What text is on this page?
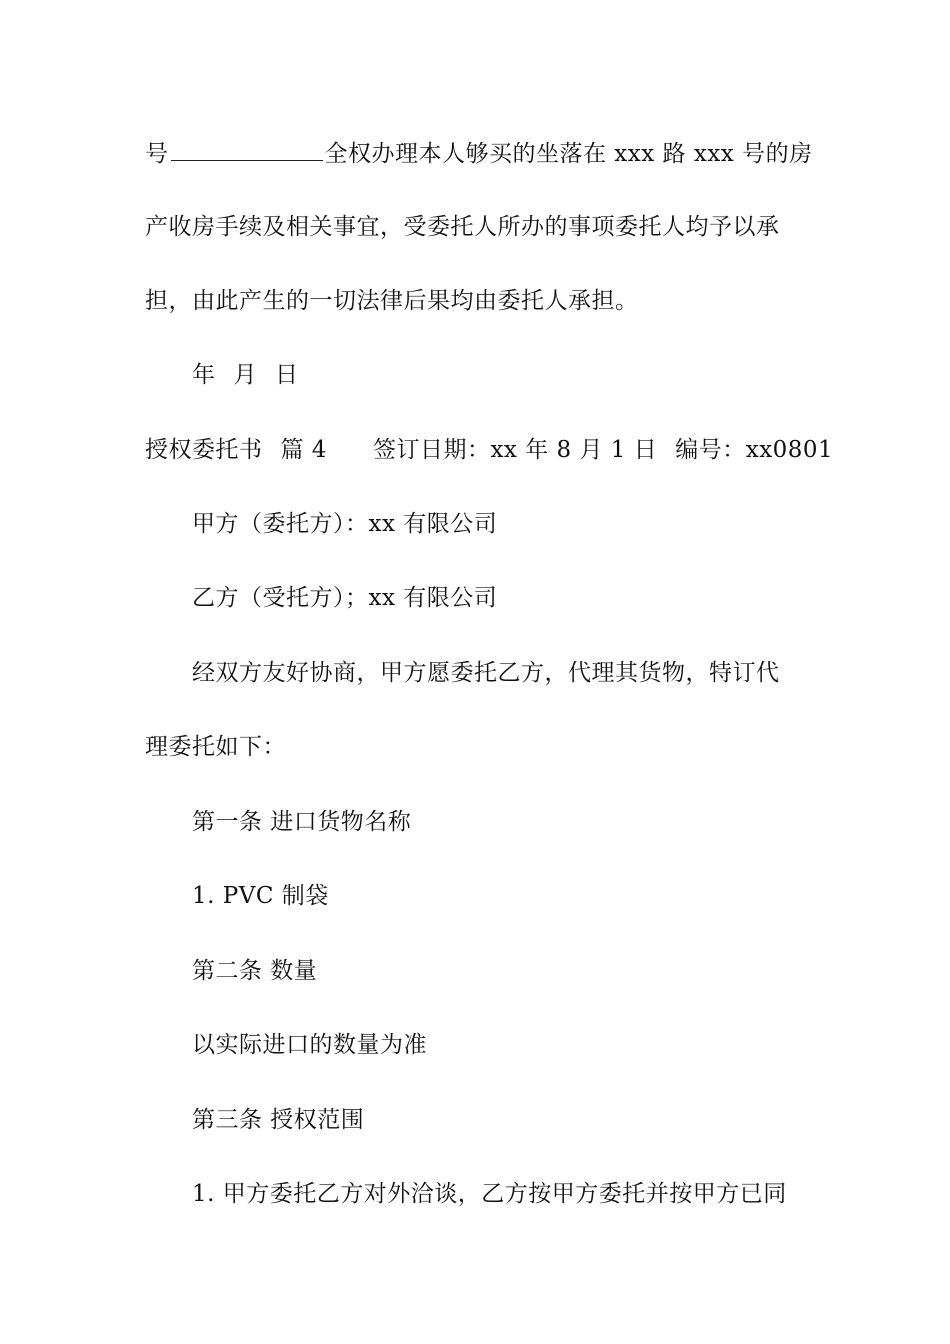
号	全权办理本人够买的坐落在 xxx 路 xxx 号的房
产收房手续及相关事宜，受委托人所办的事项委托人均予以承
担，由此产生的一切法律后果均由委托人承担。
年 月 日
授权委托书 篇 4 签订日期：xx 年 8 月 1 日 编号：xx0801
甲方（委托方）：xx 有限公司
乙方（受托方）；xx 有限公司
经双方友好协商，甲方愿委托乙方，代理其货物，特订代
理委托如下：
第一条 进口货物名称
1. PVC 制袋
第二条 数量
以实际进口的数量为准
第三条 授权范围
1. 甲方委托乙方对外洽谈，乙方按甲方委托并按甲方已同
